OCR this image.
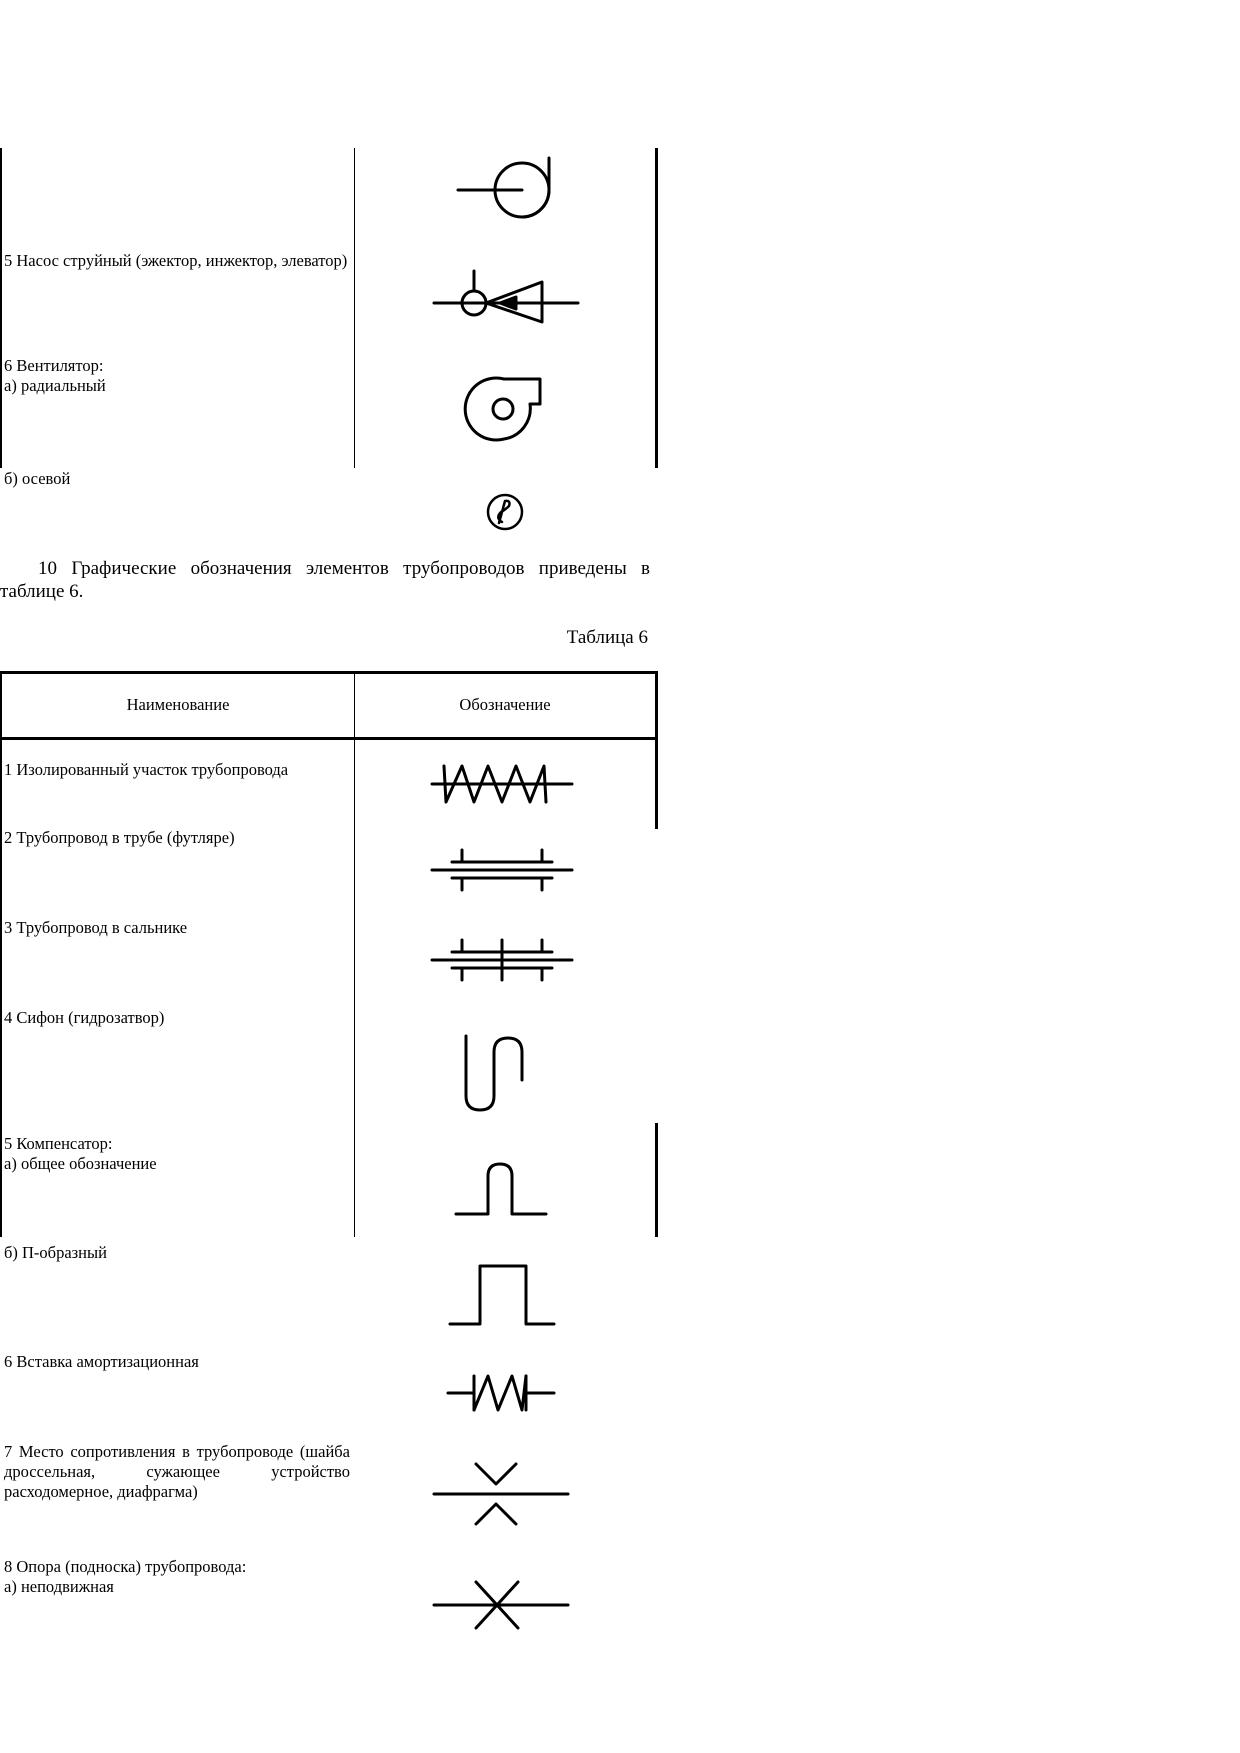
5 Насос струйный (эжектор, инжектор, элеватор)
6 Вентилятор:
а) радиальный
б) осевой
10 Графические обозначения элементов трубопроводов приведены в таблице 6.
Таблица 6
Наименование	Обозначение
1 Изолированный участок трубопровода
2 Трубопровод в трубе (футляре)
3 Трубопровод в сальнике
4 Сифон (гидрозатвор)
5 Компенсатор:
а) общее обозначение
б) П-образный
6 Вставка амортизационная
7 Место сопротивления в трубопроводе (шайба дроссельная, сужающее устройство расходомерное, диафрагма)
8 Опора (подноска) трубопровода:
а) неподвижная
